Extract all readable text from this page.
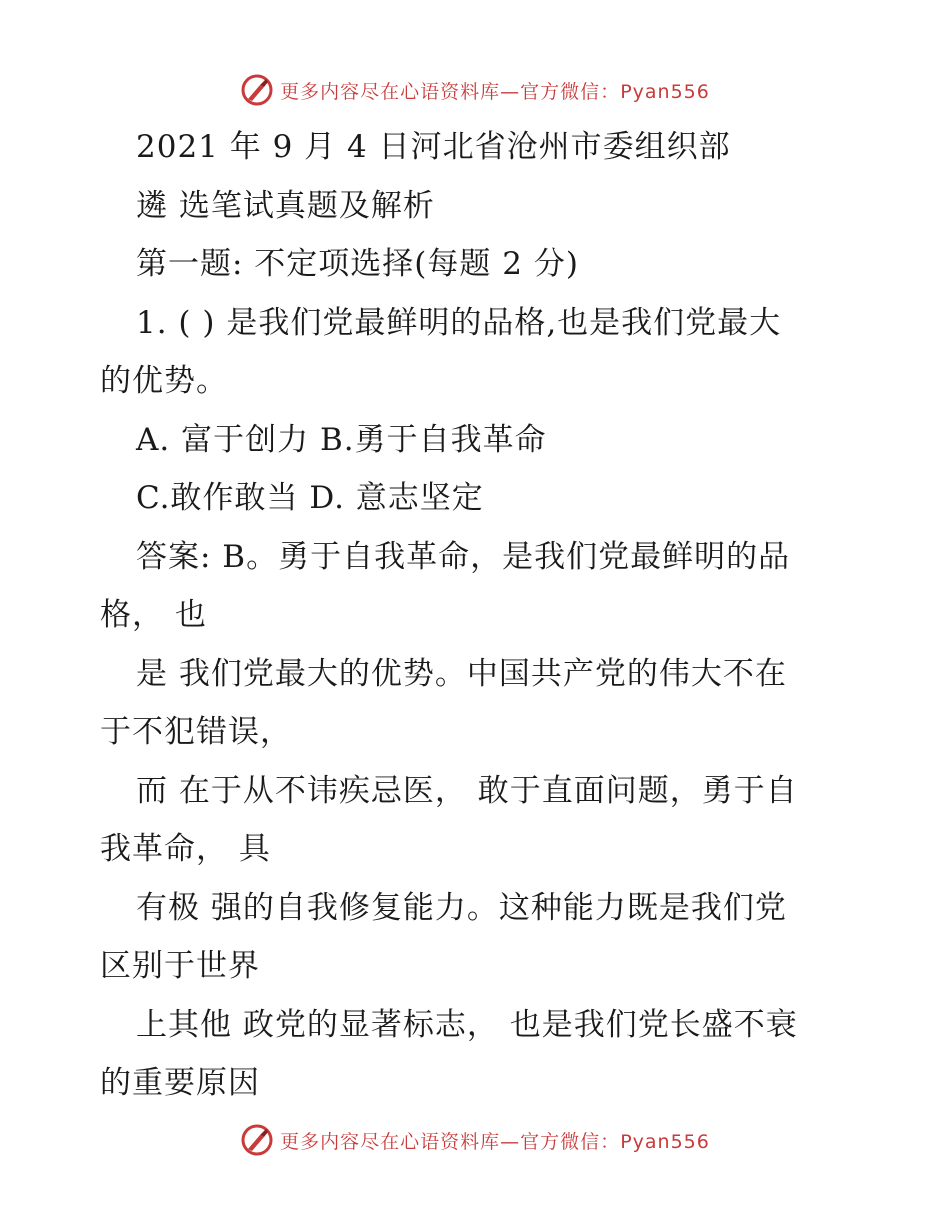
更多内容尽在心语资料库—官方微信：Pyan556
2021 年 9 月 4 日河北省沧州市委组织部
遴 选笔试真题及解析
第一题: 不定项选择(每题 2 分)
1. ( ) 是我们党最鲜明的品格,也是我们党最大
的优势。
A. 富于创力 B.勇于自我革命
C.敢作敢当 D. 意志坚定
答案: B。勇于自我革命，是我们党最鲜明的品
格， 也
是 我们党最大的优势。中国共产党的伟大不在
于不犯错误，
而 在于从不讳疾忌医， 敢于直面问题，勇于自
我革命， 具
有极 强的自我修复能力。这种能力既是我们党
区别于世界
上其他 政党的显著标志， 也是我们党长盛不衰
的重要原因
更多内容尽在心语资料库—官方微信：Pyan556
